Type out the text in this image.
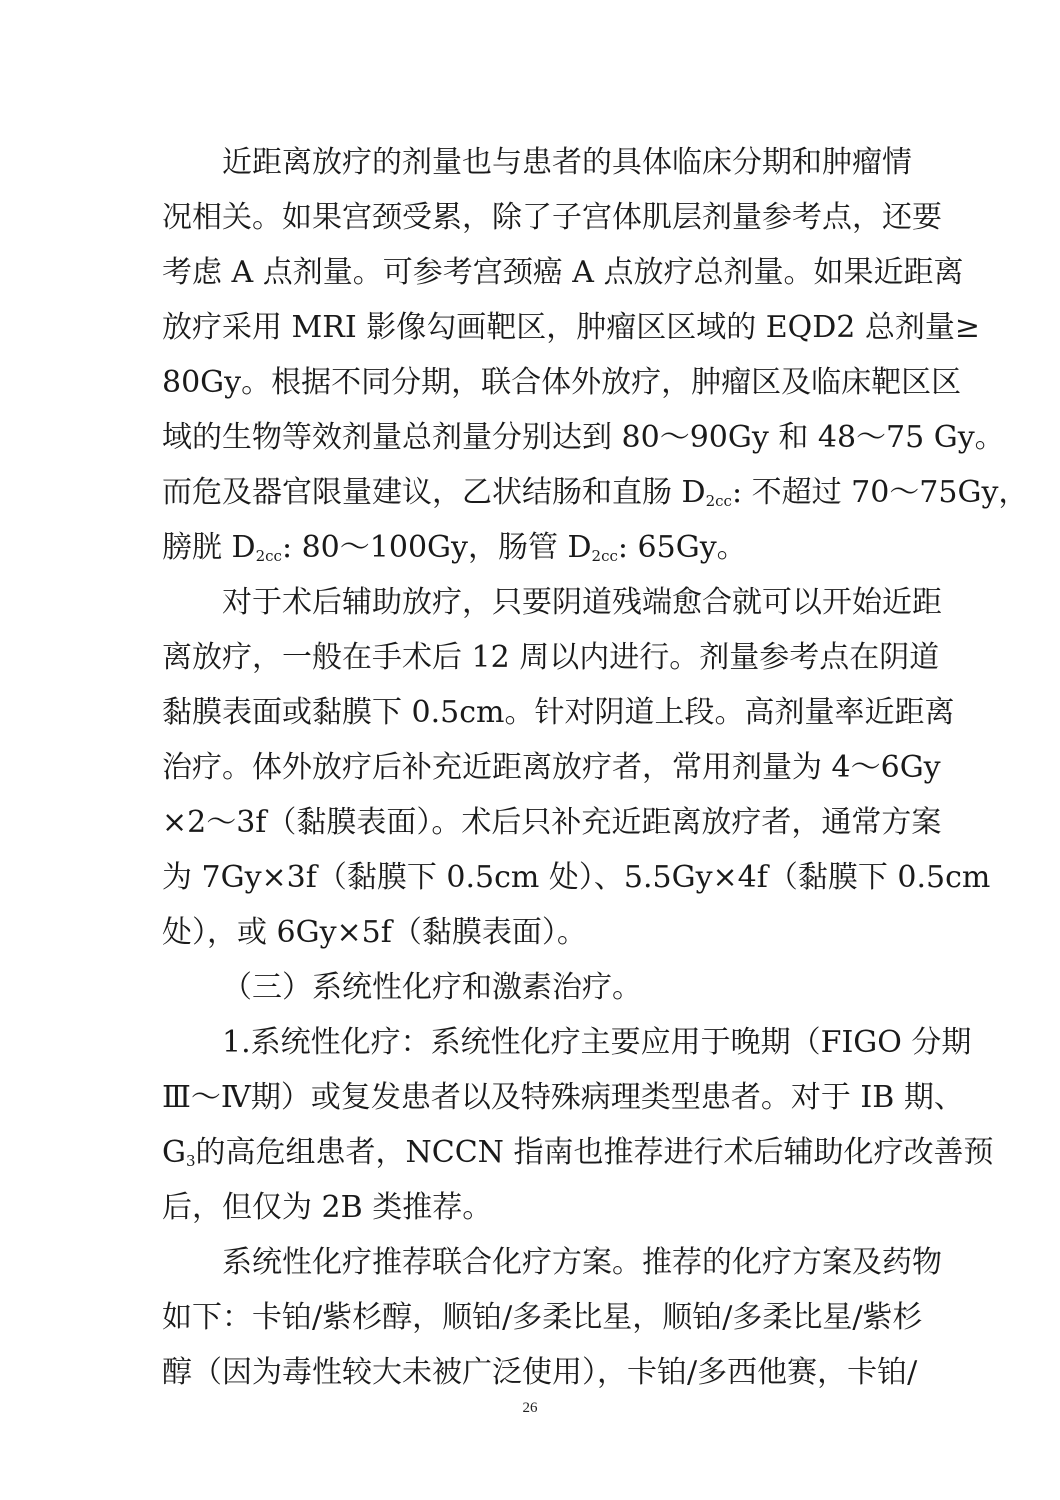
近距离放疗的剂量也与患者的具体临床分期和肿瘤情
况相关。如果宫颈受累，除了子宫体肌层剂量参考点，还要
考虑 A 点剂量。可参考宫颈癌 A 点放疗总剂量。如果近距离
放疗采用 MRI 影像勾画靶区，肿瘤区区域的 EQD2 总剂量≥
80Gy。根据不同分期，联合体外放疗，肿瘤区及临床靶区区
域的生物等效剂量总剂量分别达到 80～90Gy 和 48～75 Gy。
而危及器官限量建议，乙状结肠和直肠 $D_{2cc}$: 不超过 70～75Gy，
膀胱 $D_{2cc}$: 80～100Gy，肠管 $D_{2cc}$: 65Gy。
对于术后辅助放疗，只要阴道残端愈合就可以开始近距
离放疗，一般在手术后 12 周以内进行。剂量参考点在阴道
黏膜表面或黏膜下 0.5cm。针对阴道上段。高剂量率近距离
治疗。体外放疗后补充近距离放疗者，常用剂量为 4～6Gy
×2～3f（黏膜表面）。术后只补充近距离放疗者，通常方案
为 7Gy×3f（黏膜下 0.5cm 处）、5.5Gy×4f（黏膜下 0.5cm
处），或 6Gy×5f（黏膜表面）。
（三）系统性化疗和激素治疗。
1.系统性化疗：系统性化疗主要应用于晚期（FIGO 分期
Ⅲ～Ⅳ期）或复发患者以及特殊病理类型患者。对于 IB 期、
$G_3$的高危组患者，NCCN 指南也推荐进行术后辅助化疗改善预
后，但仅为 2B 类推荐。
系统性化疗推荐联合化疗方案。推荐的化疗方案及药物
如下：卡铂/紫杉醇，顺铂/多柔比星，顺铂/多柔比星/紫杉
醇（因为毒性较大未被广泛使用），卡铂/多西他赛，卡铂/
26
